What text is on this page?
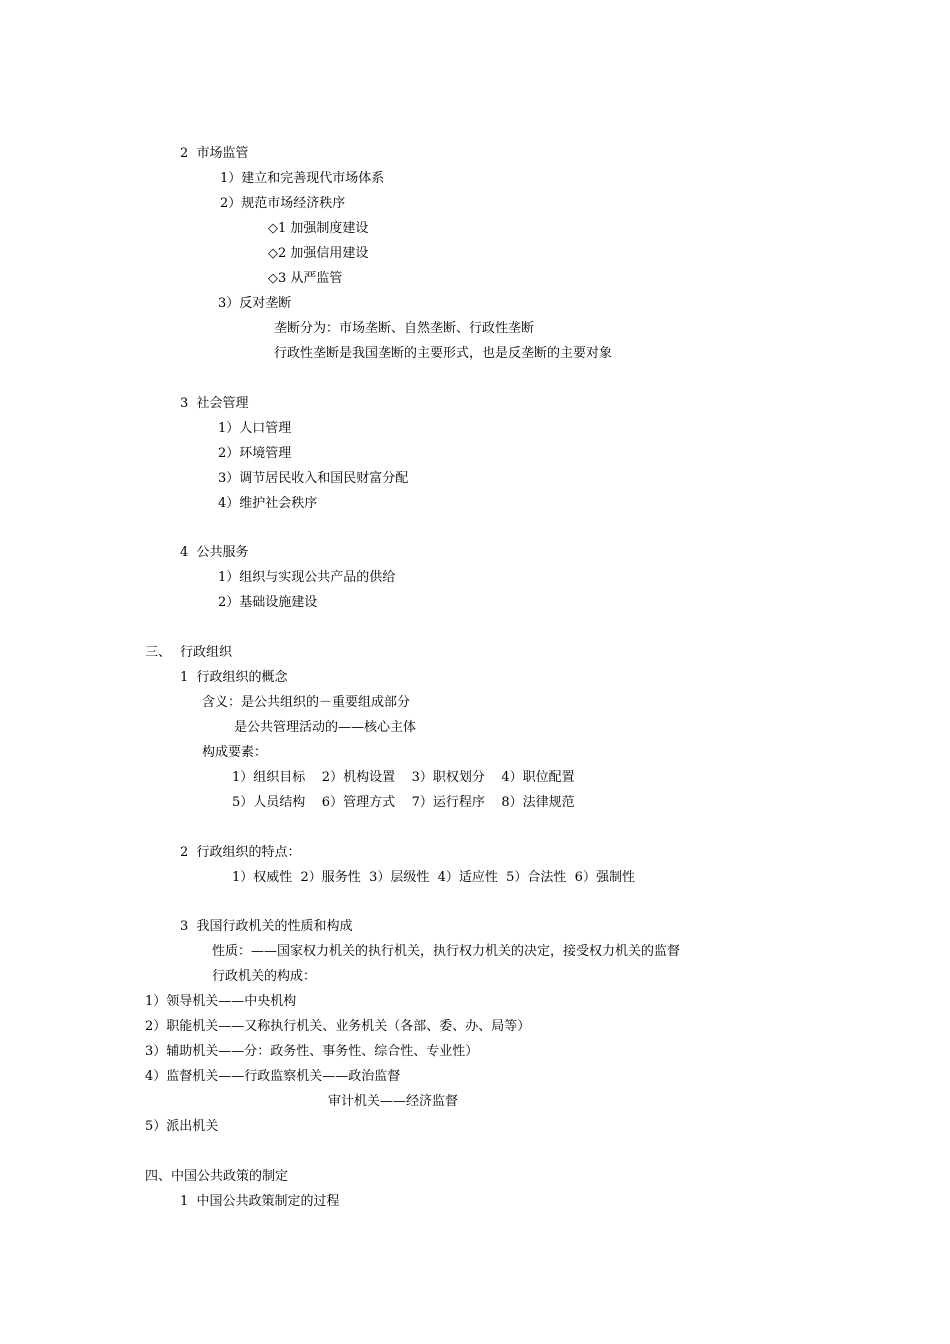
2  市场监管
1）建立和完善现代市场体系
2）规范市场经济秩序
◇1 加强制度建设
◇2 加强信用建设
◇3 从严监管
3）反对垄断
垄断分为：市场垄断、自然垄断、行政性垄断
行政性垄断是我国垄断的主要形式，也是反垄断的主要对象
3  社会管理
1）人口管理
2）环境管理
3）调节居民收入和国民财富分配
4）维护社会秩序
4  公共服务
1）组织与实现公共产品的供给
2）基础设施建设
三、 行政组织
1  行政组织的概念
含义：是公共组织的－重要组成部分
是公共管理活动的——核心主体
构成要素：
1）组织目标    2）机构设置    3）职权划分    4）职位配置
5）人员结构    6）管理方式    7）运行程序    8）法律规范
2  行政组织的特点：
1）权威性  2）服务性  3）层级性  4）适应性  5）合法性  6）强制性
3  我国行政机关的性质和构成
性质：——国家权力机关的执行机关，执行权力机关的决定，接受权力机关的监督
行政机关的构成：
1）领导机关——中央机构
2）职能机关——又称执行机关、业务机关（各部、委、办、局等）
3）辅助机关——分：政务性、事务性、综合性、专业性）
4）监督机关——行政监察机关——政治监督
审计机关——经济监督
5）派出机关
四、中国公共政策的制定
1  中国公共政策制定的过程
